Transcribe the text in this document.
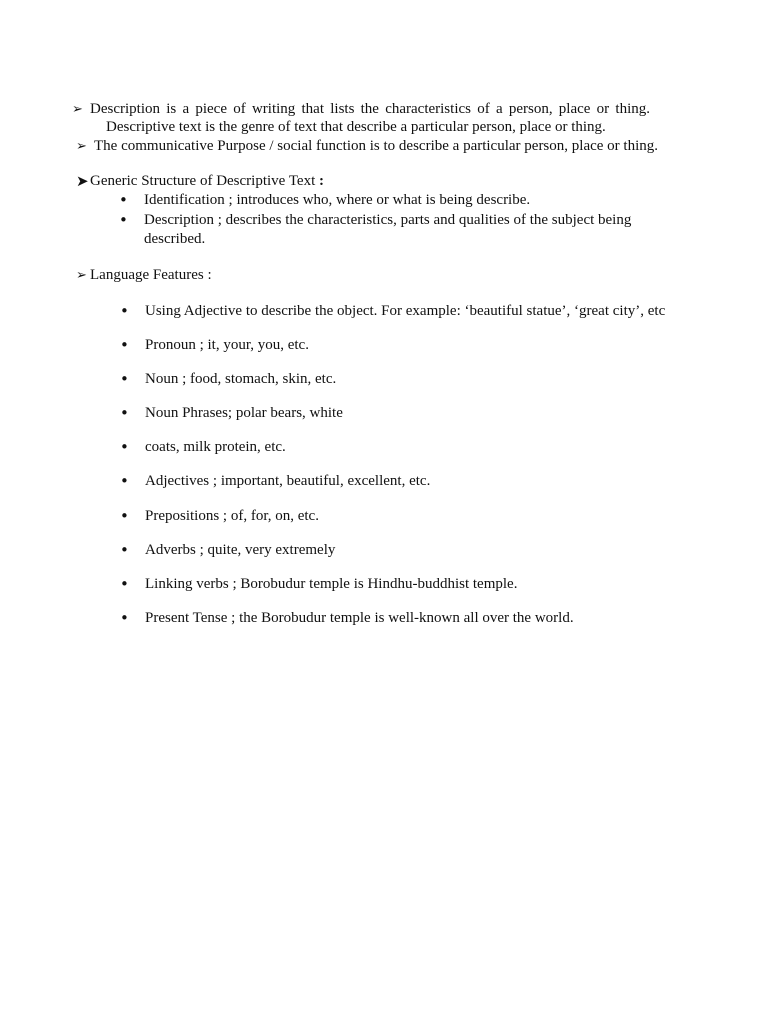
➢ Description is a piece of writing that lists the characteristics of a person, place or thing.
Descriptive text is the genre of text that describe a particular person, place or thing.
➢ The communicative Purpose / social function is to describe a particular person, place or thing.
➤ Generic Structure of Descriptive Text :
• Identification ; introduces who, where or what is being describe.
• Description ; describes the characteristics, parts and qualities of the subject being
described.
➢ Language Features :
• Using Adjective to describe the object. For example: ‘beautiful statue’, ‘great city’, etc
• Pronoun ; it, your, you, etc.
• Noun ; food, stomach, skin, etc.
• Noun Phrases; polar bears, white
• coats, milk protein, etc.
• Adjectives ; important, beautiful, excellent, etc.
• Prepositions ; of, for, on, etc.
• Adverbs ; quite, very extremely
• Linking verbs ; Borobudur temple is Hindhu-buddhist temple.
• Present Tense ; the Borobudur temple is well-known all over the world.
